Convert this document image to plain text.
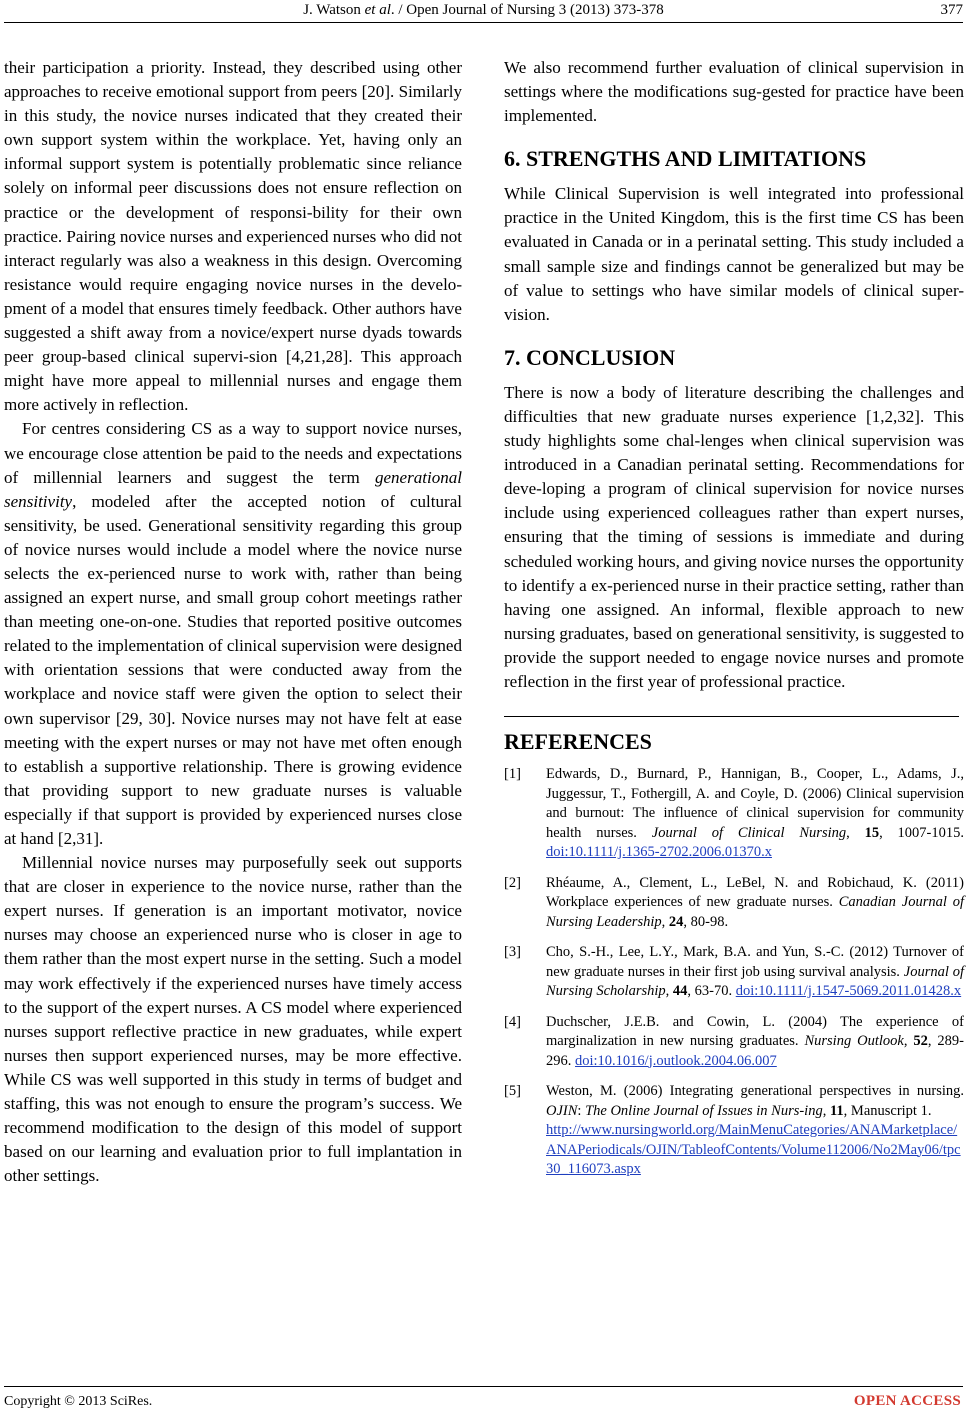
J. Watson et al. / Open Journal of Nursing 3 (2013) 373-378	377

their participation a priority. Instead, they described using other approaches to receive emotional support from peers [20]. Similarly in this study, the novice nurses indicated that they created their own support system within the workplace. Yet, having only an informal support system is potentially problematic since reliance solely on informal peer discussions does not ensure reflection on practice or the development of responsi-bility for their own practice. Pairing novice nurses and experienced nurses who did not interact regularly was also a weakness in this design. Overcoming resistance would require engaging novice nurses in the develo-pment of a model that ensures timely feedback. Other authors have suggested a shift away from a novice/expert nurse dyads towards peer group-based clinical supervi-sion [4,21,28]. This approach might have more appeal to millennial nurses and engage them more actively in reflection.

For centres considering CS as a way to support novice nurses, we encourage close attention be paid to the needs and expectations of millennial learners and suggest the term generational sensitivity, modeled after the accepted notion of cultural sensitivity, be used. Generational sensitivity regarding this group of novice nurses would include a model where the novice nurse selects the ex-perienced nurse to work with, rather than being assigned an expert nurse, and small group cohort meetings rather than meeting one-on-one. Studies that reported positive outcomes related to the implementation of clinical supervision were designed with orientation sessions that were conducted away from the workplace and novice staff were given the option to select their own supervisor [29, 30]. Novice nurses may not have felt at ease meeting with the expert nurses or may not have met often enough to establish a supportive relationship. There is growing evidence that providing support to new graduate nurses is valuable especially if that support is provided by experienced nurses close at hand [2,31].

Millennial novice nurses may purposefully seek out supports that are closer in experience to the novice nurse, rather than the expert nurses. If generation is an important motivator, novice nurses may choose an experienced nurse who is closer in age to them rather than the most expert nurse in the setting. Such a model may work effectively if the experienced nurses have timely access to the support of the expert nurses. A CS model where experienced nurses support reflective practice in new graduates, while expert nurses then support experienced nurses, may be more effective. While CS was well supported in this study in terms of budget and staffing, this was not enough to ensure the program’s success. We recommend modification to the design of this model of support based on our learning and evaluation prior to full implantation in other settings.

We also recommend further evaluation of clinical supervision in settings where the modifications sug-gested for practice have been implemented.

6. STRENGTHS AND LIMITATIONS

While Clinical Supervision is well integrated into professional practice in the United Kingdom, this is the first time CS has been evaluated in Canada or in a perinatal setting. This study included a small sample size and findings cannot be generalized but may be of value to settings who have similar models of clinical super-vision.

7. CONCLUSION

There is now a body of literature describing the challenges and difficulties that new graduate nurses experience [1,2,32]. This study highlights some chal-lenges when clinical supervision was introduced in a Canadian perinatal setting. Recommendations for deve-loping a program of clinical supervision for novice nurses include using experienced colleagues rather than expert nurses, ensuring that the timing of sessions is immediate and during scheduled working hours, and giving novice nurses the opportunity to identify a ex-perienced nurse in their practice setting, rather than having one assigned. An informal, flexible approach to new nursing graduates, based on generational sensitivity, is suggested to provide the support needed to engage novice nurses and promote reflection in the first year of professional practice.

REFERENCES
[1] Edwards, D., Burnard, P., Hannigan, B., Cooper, L., Adams, J., Juggessur, T., Fothergill, A. and Coyle, D. (2006) Clinical supervision and burnout: The influence of clinical supervision for community health nurses. Journal of Clinical Nursing, 15, 1007-1015. doi:10.1111/j.1365-2702.2006.01370.x
[2] Rhéaume, A., Clement, L., LeBel, N. and Robichaud, K. (2011) Workplace experiences of new graduate nurses. Canadian Journal of Nursing Leadership, 24, 80-98.
[3] Cho, S.-H., Lee, L.Y., Mark, B.A. and Yun, S.-C. (2012) Turnover of new graduate nurses in their first job using survival analysis. Journal of Nursing Scholarship, 44, 63-70. doi:10.1111/j.1547-5069.2011.01428.x
[4] Duchscher, J.E.B. and Cowin, L. (2004) The experience of marginalization in new nursing graduates. Nursing Outlook, 52, 289-296. doi:10.1016/j.outlook.2004.06.007
[5] Weston, M. (2006) Integrating generational perspectives in nursing. OJIN: The Online Journal of Issues in Nurs-ing, 11, Manuscript 1.
http://www.nursingworld.org/MainMenuCategories/ANAMarketplace/ANAPeriodicals/OJIN/TableofContents/Volume112006/No2May06/tpc30_116073.aspx
Copyright © 2013 SciRes.	OPEN ACCESS
